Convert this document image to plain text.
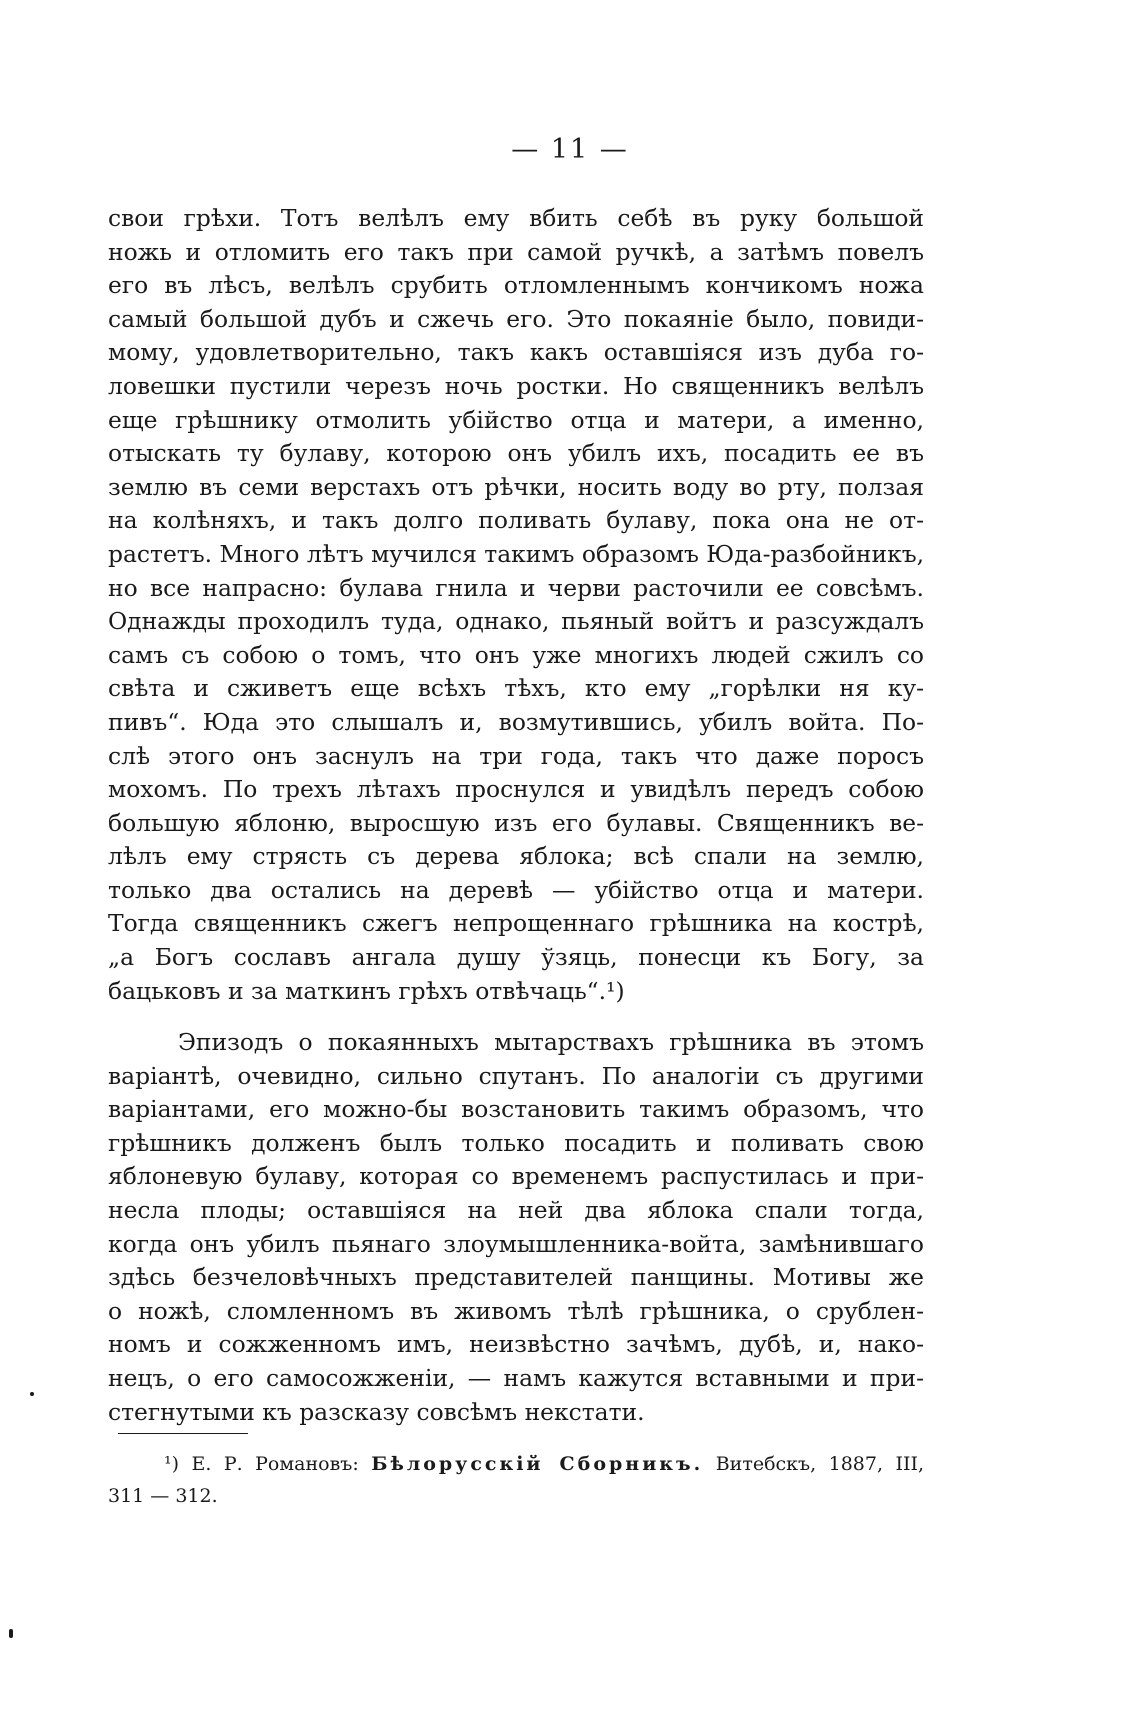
— 11 —
свои грѣхи. Тотъ велѣлъ ему вбить себѣ въ руку большой
ножь и отломить его такъ при самой ручкѣ, а затѣмъ повелъ
его въ лѣсъ, велѣлъ срубить отломленнымъ кончикомъ ножа
самый большой дубъ и сжечь его. Это покаяніе было, повиди-
мому, удовлетворительно, такъ какъ оставшіяся изъ дуба го-
ловешки пустили черезъ ночь ростки. Но священникъ велѣлъ
еще грѣшнику отмолить убійство отца и матери, а именно,
отыскать ту булаву, которою онъ убилъ ихъ, посадить ее въ
землю въ семи верстахъ отъ рѣчки, носить воду во рту, ползая
на колѣняхъ, и такъ долго поливать булаву, пока она не от-
растетъ. Много лѣтъ мучился такимъ образомъ Юда-разбойникъ,
но все напрасно: булава гнила и черви расточили ее совсѣмъ.
Однажды проходилъ туда, однако, пьяный войтъ и разсуждалъ
самъ съ собою о томъ, что онъ уже многихъ людей сжилъ со
свѣта и сживетъ еще всѣхъ тѣхъ, кто ему „горѣлки ня ку-
пивъ“. Юда это слышалъ и, возмутившись, убилъ войта. По-
слѣ этого онъ заснулъ на три года, такъ что даже поросъ
мохомъ. По трехъ лѣтахъ проснулся и увидѣлъ передъ собою
большую яблоню, выросшую изъ его булавы. Священникъ ве-
лѣлъ ему стрясть съ дерева яблока; всѣ спали на землю,
только два остались на деревѣ — убійство отца и матери.
Тогда священникъ сжегъ непрощеннаго грѣшника на кострѣ,
„а Богъ сославъ ангала душу ўзяць, понесци къ Богу, за
бацьковъ и за маткинъ грѣхъ отвѣчаць“.¹)
Эпизодъ о покаянныхъ мытарствахъ грѣшника въ этомъ
варіантѣ, очевидно, сильно спутанъ. По аналогіи съ другими
варіантами, его можно-бы возстановить такимъ образомъ, что
грѣшникъ долженъ былъ только посадить и поливать свою
яблоневую булаву, которая со временемъ распустилась и при-
несла плоды; оставшіяся на ней два яблока спали тогда,
когда онъ убилъ пьянаго злоумышленника-войта, замѣнившаго
здѣсь безчеловѣчныхъ представителей панщины. Мотивы же
о ножѣ, сломленномъ въ живомъ тѣлѣ грѣшника, о срублен-
номъ и сожженномъ имъ, неизвѣстно зачѣмъ, дубѣ, и, нако-
нецъ, о его самосожженіи, — намъ кажутся вставными и при-
стегнутыми къ разсказу совсѣмъ некстати.
¹) Е. Р. Романовъ: Бѣлорусскій Сборникъ. Витебскъ, 1887, III,
311 — 312.
